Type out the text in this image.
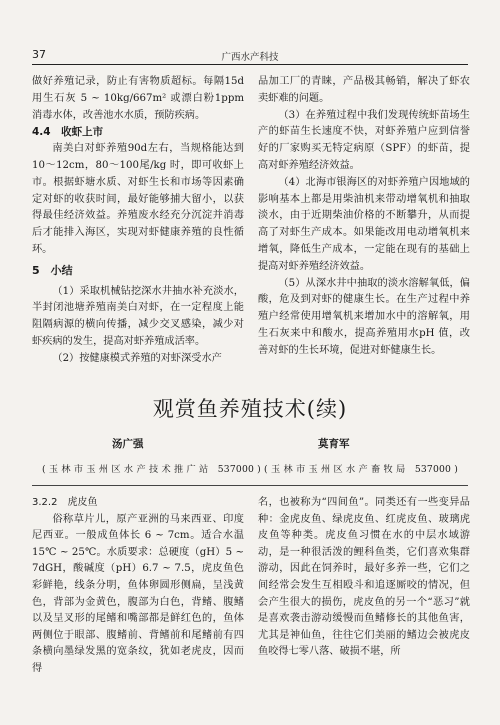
37	广西水产科技

做好养殖记录，防止有害物质超标。每隔15d 用生石灰 5 ~ 10kg/667m² 或漂白粉1ppm 消毒水体，改善池水水质，预防疾病。

4.4　收虾上市

南美白对虾养殖90d左右，当规格能达到10～12cm，80～100尾/kg 时，即可收虾上市。根据虾塘水质、对虾生长和市场等因素确定对虾的收获时间，最好能够捕大留小，以获得最佳经济效益。养殖废水经充分沉淀并消毒后才能排入海区，实现对虾健康养殖的良性循环。

5　小结

（1）采取机械钻挖深水井抽水补充淡水，半封闭池塘养殖南美白对虾，在一定程度上能阻隔病源的横向传播，减少交叉感染，减少对虾疾病的发生，提高对虾养殖成活率。

（2）按健康模式养殖的对虾深受水产

品加工厂的青睐，产品极其畅销，解决了虾农卖虾难的问题。

（3）在养殖过程中我们发现传统虾苗场生产的虾苗生长速度不快，对虾养殖户应到信誉好的厂家购买无特定病原（SPF）的虾苗，提高对虾养殖经济效益。

（4）北海市银海区的对虾养殖户因地域的影响基本上都是用柴油机来带动增氧机和抽取淡水，由于近期柴油价格的不断攀升，从而提高了对虾生产成本。如果能改用电动增氧机来增氧，降低生产成本，一定能在现有的基础上提高对虾养殖经济效益。

（5）从深水井中抽取的淡水溶解氧低，偏酸，危及到对虾的健康生长。在生产过程中养殖户经常使用增氧机来增加水中的溶解氧，用生石灰来中和酸水，提高养殖用水pH 值，改善对虾的生长环境，促进对虾健康生长。

观赏鱼养殖技术(续)
汤广强	莫育军
( 玉 林 市 玉 州 区 水 产 技 术 推 广 站　537000 ) ( 玉 林 市 玉 州 区 水 产 畜 牧 局　537000 )

3.2.2　虎皮鱼

俗称草片儿，原产亚洲的马来西亚、印度尼西亚。一般成鱼体长 6 ~ 7cm。适合水温 15℃ ~ 25℃。水质要求：总硬度（gH）5 ~ 7dGH，酸碱度（pH）6.7 ~ 7.5，虎皮鱼色彩鲜艳，线条分明，鱼体卵圆形侧扁，呈浅黄色，背部为金黄色，腹部为白色，背鳍、腹鳍以及呈叉形的尾鳍和嘴部都是鲜红色的，鱼体两侧位于眼部、腹鳍前、背鳍前和尾鳍前有四条横向墨绿发黑的宽条纹，犹如老虎皮，因而得

名，也被称为“四间鱼”。同类还有一些变异品种：金虎皮鱼、绿虎皮鱼、红虎皮鱼、玻璃虎皮鱼等种类。虎皮鱼习惯在水的中层水域游动，是一种很活泼的鲤科鱼类，它们喜欢集群游动，因此在饲养时，最好多养一些，它们之间经常会发生互相殴斗和追逐厮咬的情况，但会产生很大的损伤，虎皮鱼的另一个“恶习”就是喜欢袭击游动缓慢而鱼鳍修长的其他鱼害，尤其是神仙鱼，往往它们美丽的鳍边会被虎皮鱼咬得七零八落、破损不堪，所
